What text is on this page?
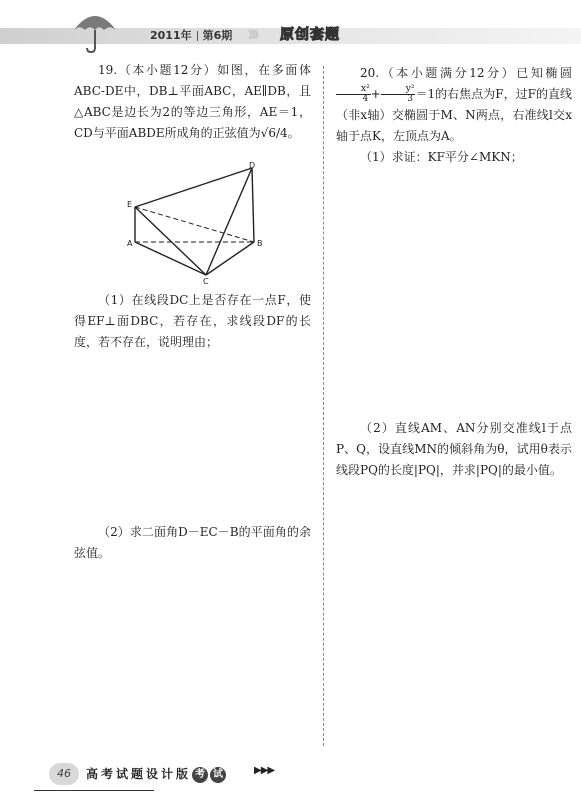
2011年 第6期 》》》 原创套题

19.（本小题12分）如图，在多面体ABC-DE中，DB⊥平面ABC，AE∥DB，且△ABC是边长为2的等边三角形，AE＝1，CD与平面ABDE所成角的正弦值为√6/4。

D
E
A	B
C

（1）在线段DC上是否存在一点F，使得EF⊥面DBC，若存在，求线段DF的长度，若不存在，说明理由；

（2）求二面角D－EC－B的平面角的余弦值。

20.（本小题满分12分）已知椭圆
$\frac{\text{x²}}{4} + \frac{\text{y²}}{3} =1$的右焦点为F，过F的直线（非x轴）交椭圆于M、N两点，右准线l交x轴于点K，左顶点为A。

（1）求证：KF平分∠MKN；

（2）直线AM、AN分别交准线l于点P、Q，设直线MN的倾斜角为θ，试用θ表示线段PQ的长度|PQ|，并求|PQ|的最小值。

46	高考试题设计版 考 试	▶▶▶
